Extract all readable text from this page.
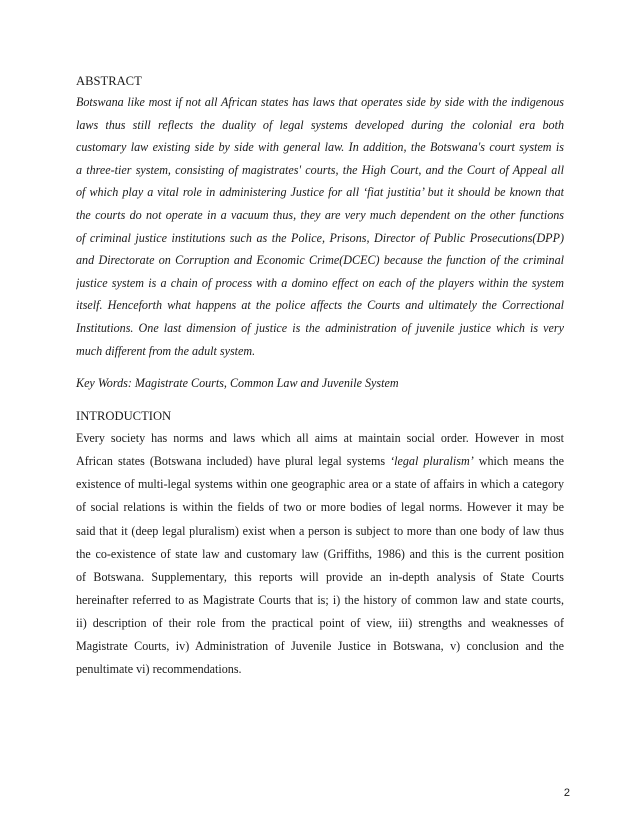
ABSTRACT
Botswana like most if not all African states has laws that operates side by side with the indigenous
laws thus still reflects the duality of legal systems developed during the colonial era both
customary law existing side by side with general law. In addition, the Botswana's court system is
a three-tier system, consisting of magistrates' courts, the High Court, and the Court of Appeal all
of which play a vital role in administering Justice for all ‘fiat justitia’ but it should be known that
the courts do not operate in a vacuum thus, they are very much dependent on the other functions
of criminal justice institutions such as the Police, Prisons, Director of Public Prosecutions(DPP)
and Directorate on Corruption and Economic Crime(DCEC) because the function of the criminal
justice system is a chain of process with a domino effect on each of the players within the system
itself. Henceforth what happens at the police affects the Courts and ultimately the Correctional
Institutions. One last dimension of justice is the administration of juvenile justice which is very
much different from the adult system.
Key Words: Magistrate Courts, Common Law and Juvenile System
INTRODUCTION
Every society has norms and laws which all aims at maintain social order. However in most
African states (Botswana included) have plural legal systems ‘legal pluralism’ which means the
existence of multi-legal systems within one geographic area or a state of affairs in which a category
of social relations is within the fields of two or more bodies of legal norms. However it may be
said that it (deep legal pluralism) exist when a person is subject to more than one body of law thus
the co-existence of state law and customary law (Griffiths, 1986) and this is the current position
of Botswana. Supplementary, this reports will provide an in-depth analysis of State Courts
hereinafter referred to as Magistrate Courts that is; i) the history of common law and state courts,
ii) description of their role from the practical point of view, iii) strengths and weaknesses of
Magistrate Courts, iv) Administration of Juvenile Justice in Botswana, v) conclusion and the
penultimate vi) recommendations.
2
